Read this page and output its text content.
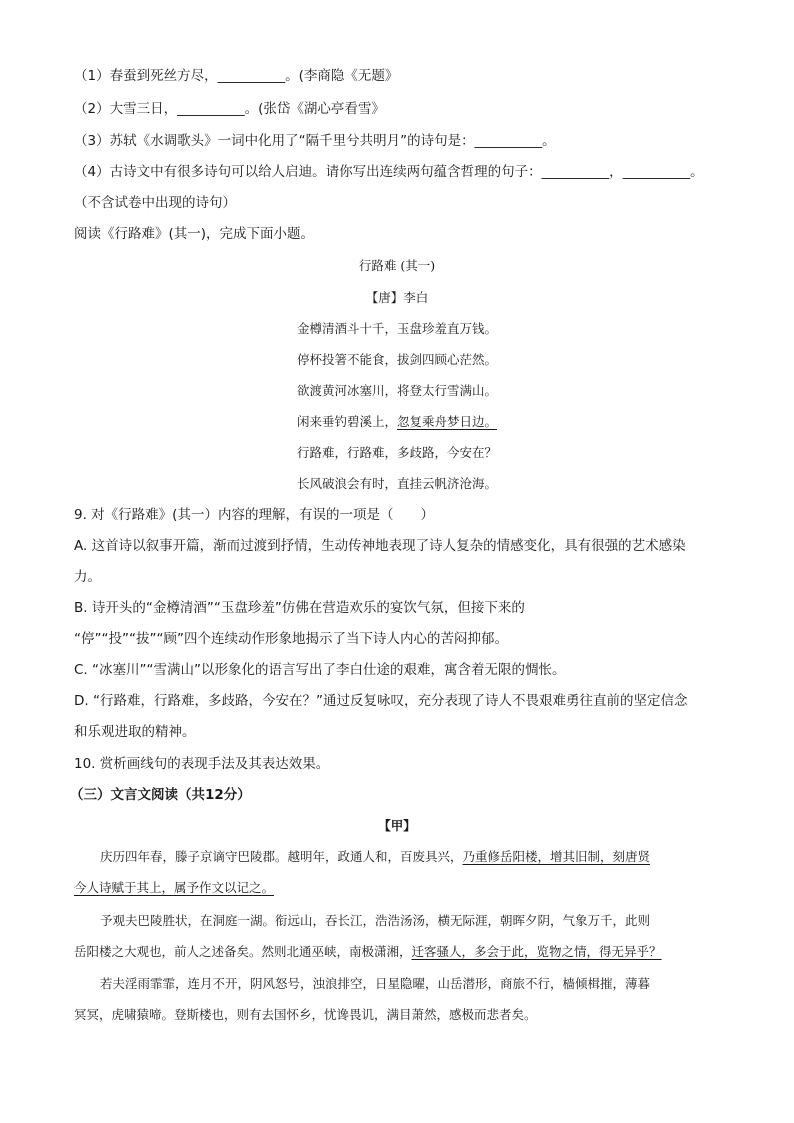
（1）春蚕到死丝方尽，__________。(李商隐《无题》
（2）大雪三日，__________。(张岱《湖心亭看雪》
（3）苏轼《水调歌头》一词中化用了“隔千里兮共明月”的诗句是：__________。
（4）古诗文中有很多诗句可以给人启迪。请你写出连续两句蕴含哲理的句子：__________，__________。
（不含试卷中出现的诗句）
阅读《行路难》(其一)，完成下面小题。
行路难 (其一)
【唐】李白
金樽清酒斗十千，玉盘珍羞直万钱。
停杯投箸不能食，拔剑四顾心茫然。
欲渡黄河冰塞川，将登太行雪满山。
闲来垂钓碧溪上，忽复乘舟梦日边。
行路难，行路难，多歧路，今安在？
长风破浪会有时，直挂云帆济沧海。
9. 对《行路难》(其一）内容的理解，有误的一项是（　　）
A. 这首诗以叙事开篇，渐而过渡到抒情，生动传神地表现了诗人复杂的情感变化，具有很强的艺术感染
力。
B. 诗开头的“金樽清酒”“玉盘珍羞”仿佛在营造欢乐的宴饮气氛，但接下来的
“停”“投”“拔”“顾”四个连续动作形象地揭示了当下诗人内心的苦闷抑郁。
C. “冰塞川”“雪满山”以形象化的语言写出了李白仕途的艰难，寓含着无限的惆怅。
D. “行路难，行路难，多歧路，今安在？”通过反复咏叹，充分表现了诗人不畏艰难勇往直前的坚定信念
和乐观进取的精神。
10. 赏析画线句的表现手法及其表达效果。
（三）文言文阅读（共12分）
【甲】
庆历四年春，滕子京谪守巴陵郡。越明年，政通人和，百废具兴，乃重修岳阳楼，增其旧制，刻唐贤
今人诗赋于其上，属予作文以记之。
予观夫巴陵胜状，在洞庭一湖。衔远山，吞长江，浩浩汤汤，横无际涯，朝晖夕阴，气象万千，此则
岳阳楼之大观也，前人之述备矣。然则北通巫峡，南极潇湘，迁客骚人，多会于此，览物之情，得无异乎？
若夫淫雨霏霏，连月不开，阴风怒号，浊浪排空，日星隐曜，山岳潜形，商旅不行，樯倾楫摧，薄暮
冥冥，虎啸猿啼。登斯楼也，则有去国怀乡，忧谗畏讥，满目萧然，感极而悲者矣。
